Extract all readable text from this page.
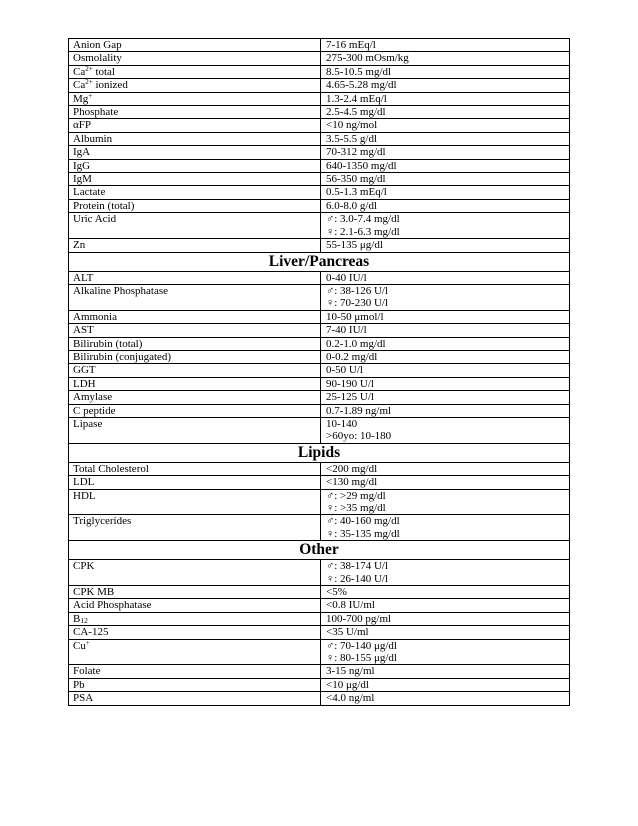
Anion Gap	7-16 mEq/l

Osmolality	275-300 mOsm/kg

$Ca^{2+}$ total	8.5-10.5 mg/dl

$Ca^{2+}$ ionized	4.65-5.28 mg/dl

Mg+	1.3-2.4 mEq/l

Phosphate	2.5-4.5 mg/dl

αFP	<10 ng/mol

Albumin	3.5-5.5 g/dl

IgA	70-312 mg/dl

IgG	640-1350 mg/dl

IgM	56-350 mg/dl

Lactate	0.5-1.3 mEq/l

Protein (total)	6.0-8.0 g/dl

Uric Acid	♂: 3.0-7.4 mg/dl
♀: 2.1-6.3 mg/dl

Zn	55-135 μg/dl

Liver/Pancreas	
ALT	0-40 IU/l

Alkaline Phosphatase	♂: 38-126 U/l
♀: 70-230 U/l

Ammonia	10-50 μmol/l

AST	7-40 IU/l

Bilirubin (total)	0.2-1.0 mg/dl

Bilirubin (conjugated)	0-0.2 mg/dl

GGT	0-50 U/l

LDH	90-190 U/l

Amylase	25-125 U/l

C peptide	0.7-1.89 ng/ml

Lipase	10-140
>60yo: 10-180

Lipids	
Total Cholesterol	<200 mg/dl

LDL	<130 mg/dl

HDL	♂: >29 mg/dl
♀: >35 mg/dl

Triglycerides	♂: 40-160 mg/dl
♀: 35-135 mg/dl

Other	
CPK	♂: 38-174 U/l
♀: 26-140 U/l

CPK MB	<5%

Acid Phosphatase	<0.8 IU/ml

$B_{12}$	100-700 pg/ml

CA-125	<35 U/ml

Cu+	♂: 70-140 μg/dl
♀: 80-155 μg/dl

Folate	3-15 ng/ml

Pb	<10 μg/dl

PSA	<4.0 ng/ml
